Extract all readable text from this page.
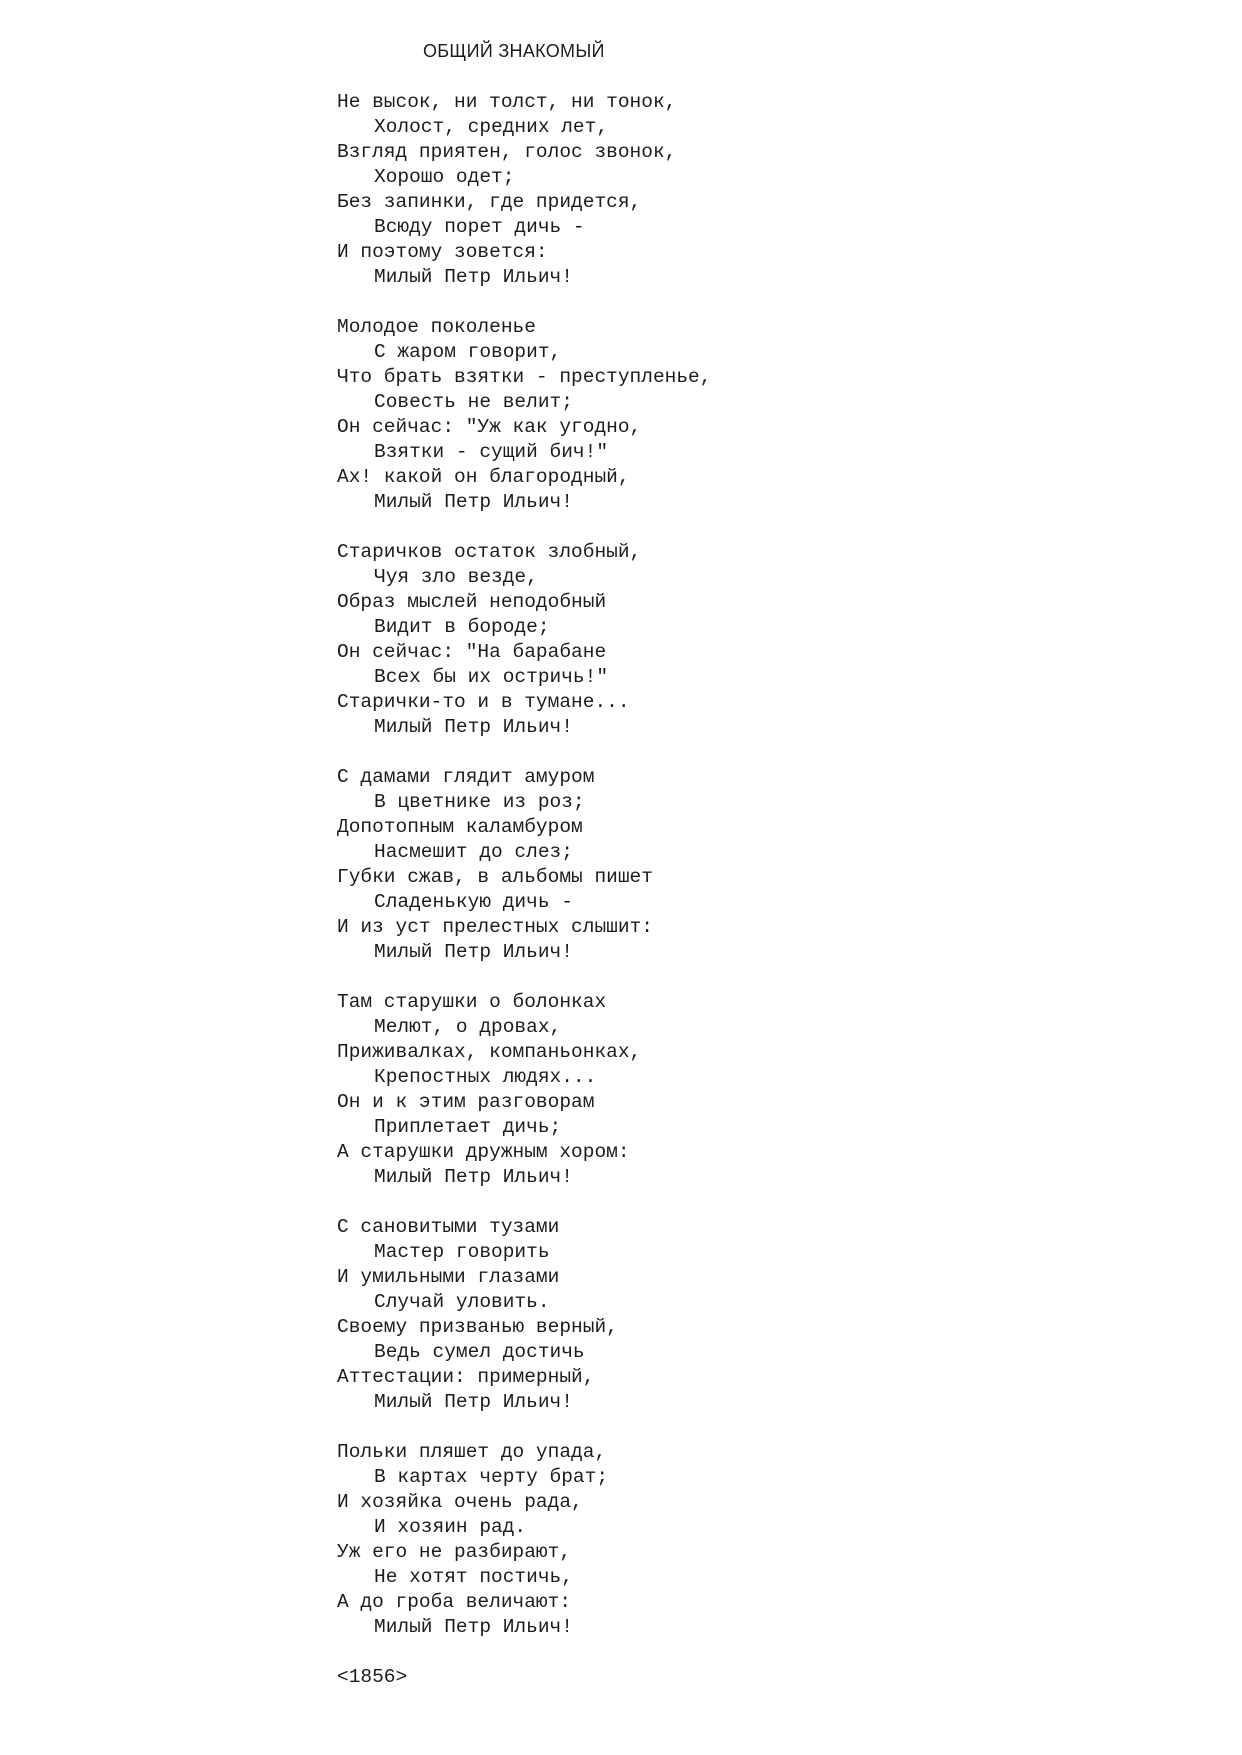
ОБЩИЙ ЗНАКОМЫЙ
Не высок, ни толст, ни тонок,
Холост, средних лет,
Взгляд приятен, голос звонок,
Хорошо одет;
Без запинки, где придется,
Всюду порет дичь -
И поэтому зовется:
Милый Петр Ильич!
Молодое поколенье
С жаром говорит,
Что брать взятки - преступленье,
Совесть не велит;
Он сейчас: "Уж как угодно,
Взятки - сущий бич!"
Ах! какой он благородный,
Милый Петр Ильич!
Старичков остаток злобный,
Чуя зло везде,
Образ мыслей неподобный
Видит в бороде;
Он сейчас: "На барабане
Всех бы их остричь!"
Старички-то и в тумане...
Милый Петр Ильич!
С дамами глядит амуром
В цветнике из роз;
Допотопным каламбуром
Насмешит до слез;
Губки сжав, в альбомы пишет
Сладенькую дичь -
И из уст прелестных слышит:
Милый Петр Ильич!
Там старушки о болонках
Мелют, о дровах,
Приживалках, компаньонках,
Крепостных людях...
Он и к этим разговорам
Приплетает дичь;
А старушки дружным хором:
Милый Петр Ильич!
С сановитыми тузами
Мастер говорить
И умильными глазами
Случай уловить.
Своему призванью верный,
Ведь сумел достичь
Аттестации: примерный,
Милый Петр Ильич!
Польки пляшет до упада,
В картах черту брат;
И хозяйка очень рада,
И хозяин рад.
Уж его не разбирают,
Не хотят постичь,
А до гроба величают:
Милый Петр Ильич!
<1856>
